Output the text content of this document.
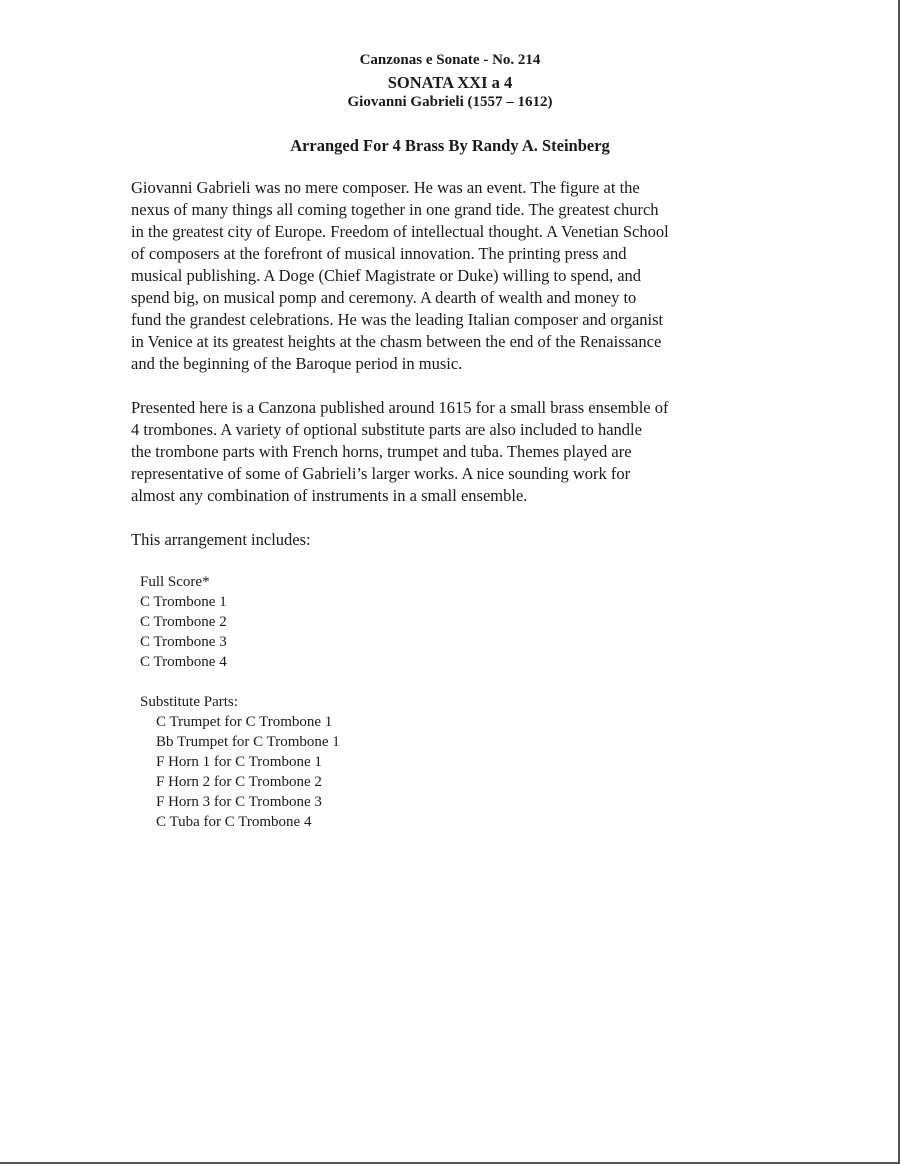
Canzonas e Sonate - No. 214
SONATA XXI a 4
Giovanni Gabrieli (1557 – 1612)
Arranged For 4 Brass By Randy A. Steinberg

Giovanni Gabrieli was no mere composer. He was an event. The figure at the
nexus of many things all coming together in one grand tide. The greatest church
in the greatest city of Europe. Freedom of intellectual thought. A Venetian School
of composers at the forefront of musical innovation. The printing press and
musical publishing. A Doge (Chief Magistrate or Duke) willing to spend, and
spend big, on musical pomp and ceremony. A dearth of wealth and money to
fund the grandest celebrations. He was the leading Italian composer and organist
in Venice at its greatest heights at the chasm between the end of the Renaissance
and the beginning of the Baroque period in music.

Presented here is a Canzona published around 1615 for a small brass ensemble of
4 trombones. A variety of optional substitute parts are also included to handle
the trombone parts with French horns, trumpet and tuba. Themes played are
representative of some of Gabrieli’s larger works. A nice sounding work for
almost any combination of instruments in a small ensemble.

This arrangement includes:

Full Score*
C Trombone 1
C Trombone 2
C Trombone 3
C Trombone 4
Substitute Parts:
C Trumpet for C Trombone 1
Bb Trumpet for C Trombone 1
F Horn 1 for C Trombone 1
F Horn 2 for C Trombone 2
F Horn 3 for C Trombone 3
C Tuba for C Trombone 4
